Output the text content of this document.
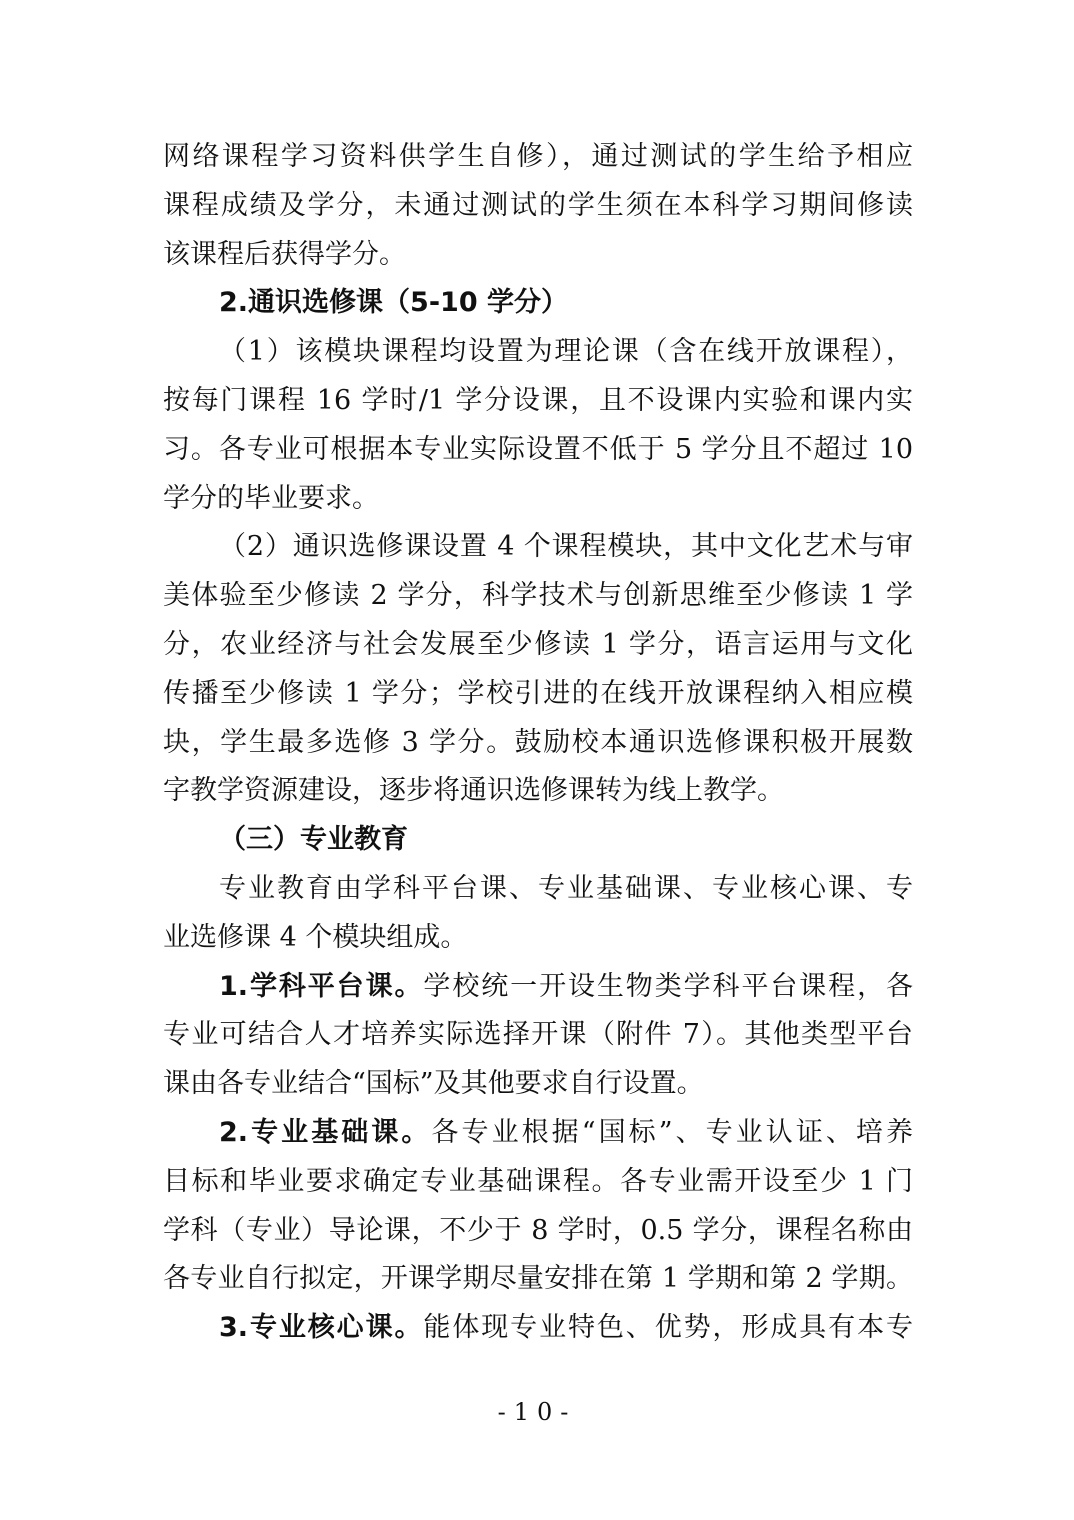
网络课程学习资料供学生自修），通过测试的学生给予相应
课程成绩及学分，未通过测试的学生须在本科学习期间修读
该课程后获得学分。
2.通识选修课（5-10 学分）
（1）该模块课程均设置为理论课（含在线开放课程），
按每门课程 16 学时/1 学分设课，且不设课内实验和课内实
习。各专业可根据本专业实际设置不低于 5 学分且不超过 10
学分的毕业要求。
（2）通识选修课设置 4 个课程模块，其中文化艺术与审
美体验至少修读 2 学分，科学技术与创新思维至少修读 1 学
分，农业经济与社会发展至少修读 1 学分，语言运用与文化
传播至少修读 1 学分；学校引进的在线开放课程纳入相应模
块，学生最多选修 3 学分。鼓励校本通识选修课积极开展数
字教学资源建设，逐步将通识选修课转为线上教学。
（三）专业教育
专业教育由学科平台课、专业基础课、专业核心课、专
业选修课 4 个模块组成。
1.学科平台课。学校统一开设生物类学科平台课程，各
专业可结合人才培养实际选择开课（附件 7）。其他类型平台
课由各专业结合“国标”及其他要求自行设置。
2.专业基础课。各专业根据“国标”、专业认证、培养
目标和毕业要求确定专业基础课程。各专业需开设至少 1 门
学科（专业）导论课，不少于 8 学时，0.5 学分，课程名称由
各专业自行拟定，开课学期尽量安排在第 1 学期和第 2 学期。
3.专业核心课。能体现专业特色、优势，形成具有本专
-10-
